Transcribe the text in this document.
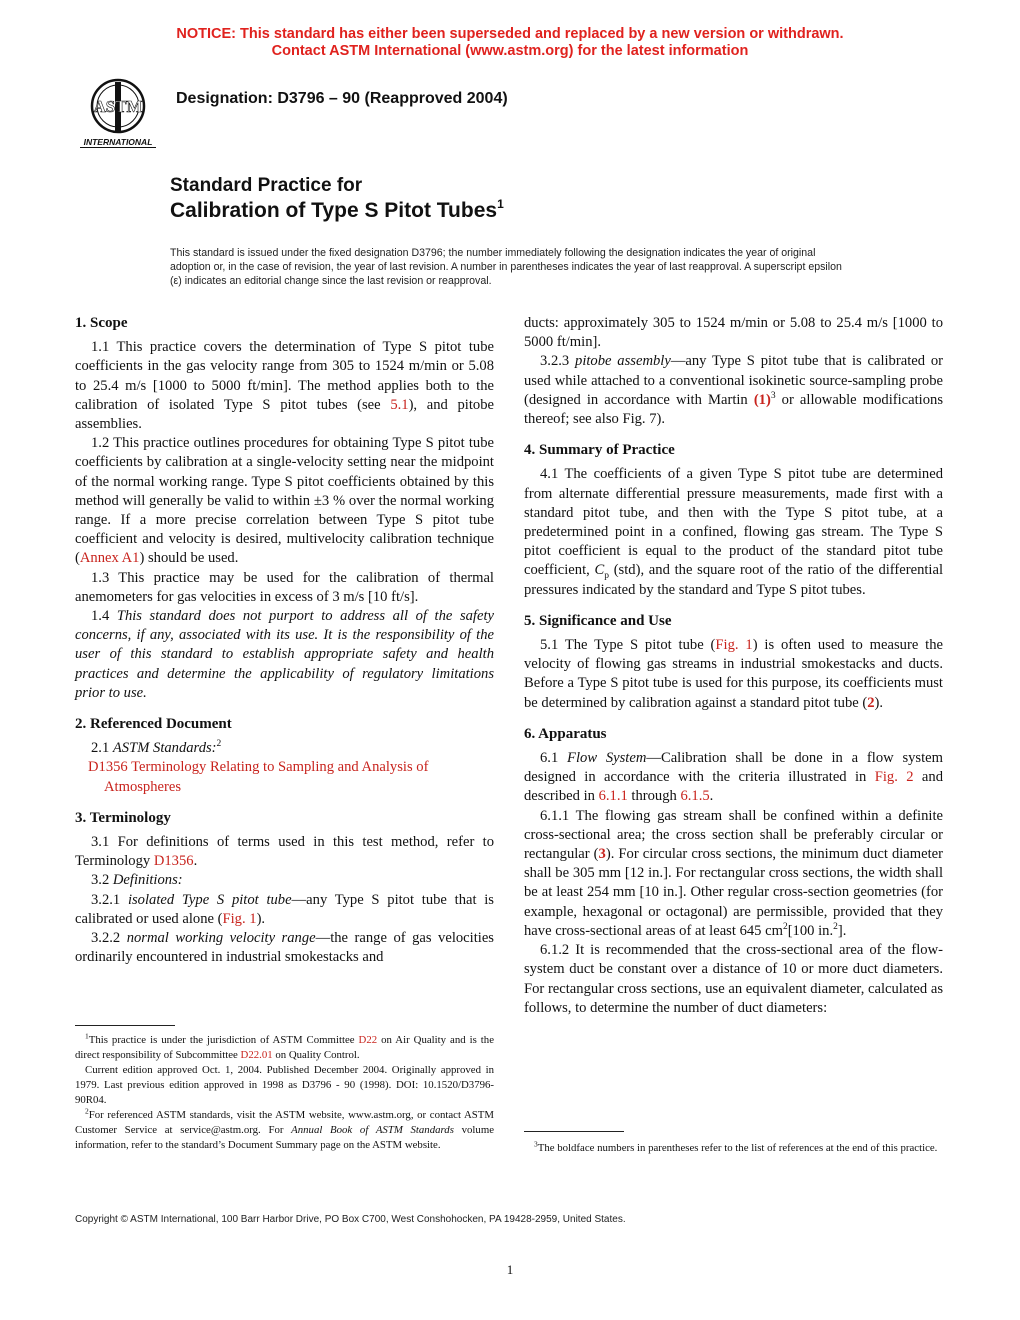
NOTICE: This standard has either been superseded and replaced by a new version or withdrawn.
Contact ASTM International (www.astm.org) for the latest information
ASTM
INTERNATIONAL
Designation: D3796 – 90 (Reapproved 2004)
Standard Practice for
Calibration of Type S Pitot Tubes$^1$
This standard is issued under the fixed designation D3796; the number immediately following the designation indicates the year of original adoption or, in the case of revision, the year of last revision. A number in parentheses indicates the year of last reapproval. A superscript epsilon (ε) indicates an editorial change since the last revision or reapproval.
1. Scope

1.1 This practice covers the determination of Type S pitot tube coefficients in the gas velocity range from 305 to 1524 m/min or 5.08 to 25.4 m/s [1000 to 5000 ft/min]. The method applies both to the calibration of isolated Type S pitot tubes (see 5.1), and pitobe assemblies.

1.2 This practice outlines procedures for obtaining Type S pitot tube coefficients by calibration at a single-velocity setting near the midpoint of the normal working range. Type S pitot coefficients obtained by this method will generally be valid to within ±3 % over the normal working range. If a more precise correlation between Type S pitot tube coefficient and velocity is desired, multivelocity calibration technique (Annex A1) should be used.

1.3 This practice may be used for the calibration of thermal anemometers for gas velocities in excess of 3 m/s [10 ft/s].

1.4 This standard does not purport to address all of the safety concerns, if any, associated with its use. It is the responsibility of the user of this standard to establish appropriate safety and health practices and determine the applicability of regulatory limitations prior to use.

2. Referenced Document

2.1 ASTM Standards:$^2$

D1356 Terminology Relating to Sampling and Analysis of Atmospheres

3. Terminology

3.1 For definitions of terms used in this test method, refer to Terminology D1356.

3.2 Definitions:

3.2.1 isolated Type S pitot tube—any Type S pitot tube that is calibrated or used alone (Fig. 1).

3.2.2 normal working velocity range—the range of gas velocities ordinarily encountered in industrial smokestacks and

$^1$This practice is under the jurisdiction of ASTM Committee D22 on Air Quality and is the direct responsibility of Subcommittee D22.01 on Quality Control.

Current edition approved Oct. 1, 2004. Published December 2004. Originally approved in 1979. Last previous edition approved in 1998 as D3796 - 90 (1998). DOI: 10.1520/D3796-90R04.

$^2$For referenced ASTM standards, visit the ASTM website, www.astm.org, or contact ASTM Customer Service at service@astm.org. For Annual Book of ASTM Standards volume information, refer to the standard’s Document Summary page on the ASTM website.

ducts: approximately 305 to 1524 m/min or 5.08 to 25.4 m/s [1000 to 5000 ft/min].

3.2.3 pitobe assembly—any Type S pitot tube that is calibrated or used while attached to a conventional isokinetic source-sampling probe (designed in accordance with Martin $(1)^3$ or allowable modifications thereof; see also Fig. 7).

4. Summary of Practice

4.1 The coefficients of a given Type S pitot tube are determined from alternate differential pressure measurements, made first with a standard pitot tube, and then with the Type S pitot tube, at a predetermined point in a confined, flowing gas stream. The Type S pitot coefficient is equal to the product of the standard pitot tube coefficient, $C_p$ (std), and the square root of the ratio of the differential pressures indicated by the standard and Type S pitot tubes.

5. Significance and Use

5.1 The Type S pitot tube (Fig. 1) is often used to measure the velocity of flowing gas streams in industrial smokestacks and ducts. Before a Type S pitot tube is used for this purpose, its coefficients must be determined by calibration against a standard pitot tube (2).

6. Apparatus

6.1 Flow System—Calibration shall be done in a flow system designed in accordance with the criteria illustrated in Fig. 2 and described in 6.1.1 through 6.1.5.

6.1.1 The flowing gas stream shall be confined within a definite cross-sectional area; the cross section shall be preferably circular or rectangular (3). For circular cross sections, the minimum duct diameter shall be 305 mm [12 in.]. For rectangular cross sections, the width shall be at least 254 mm [10 in.]. Other regular cross-section geometries (for example, hexagonal or octagonal) are permissible, provided that they have cross-sectional areas of at least 645 $cm^2[100$ in.$^2$].

6.1.2 It is recommended that the cross-sectional area of the flow-system duct be constant over a distance of 10 or more duct diameters. For rectangular cross sections, use an equivalent diameter, calculated as follows, to determine the number of duct diameters:

$^3$The boldface numbers in parentheses refer to the list of references at the end of this practice.

Copyright © ASTM International, 100 Barr Harbor Drive, PO Box C700, West Conshohocken, PA 19428-2959, United States.
1
